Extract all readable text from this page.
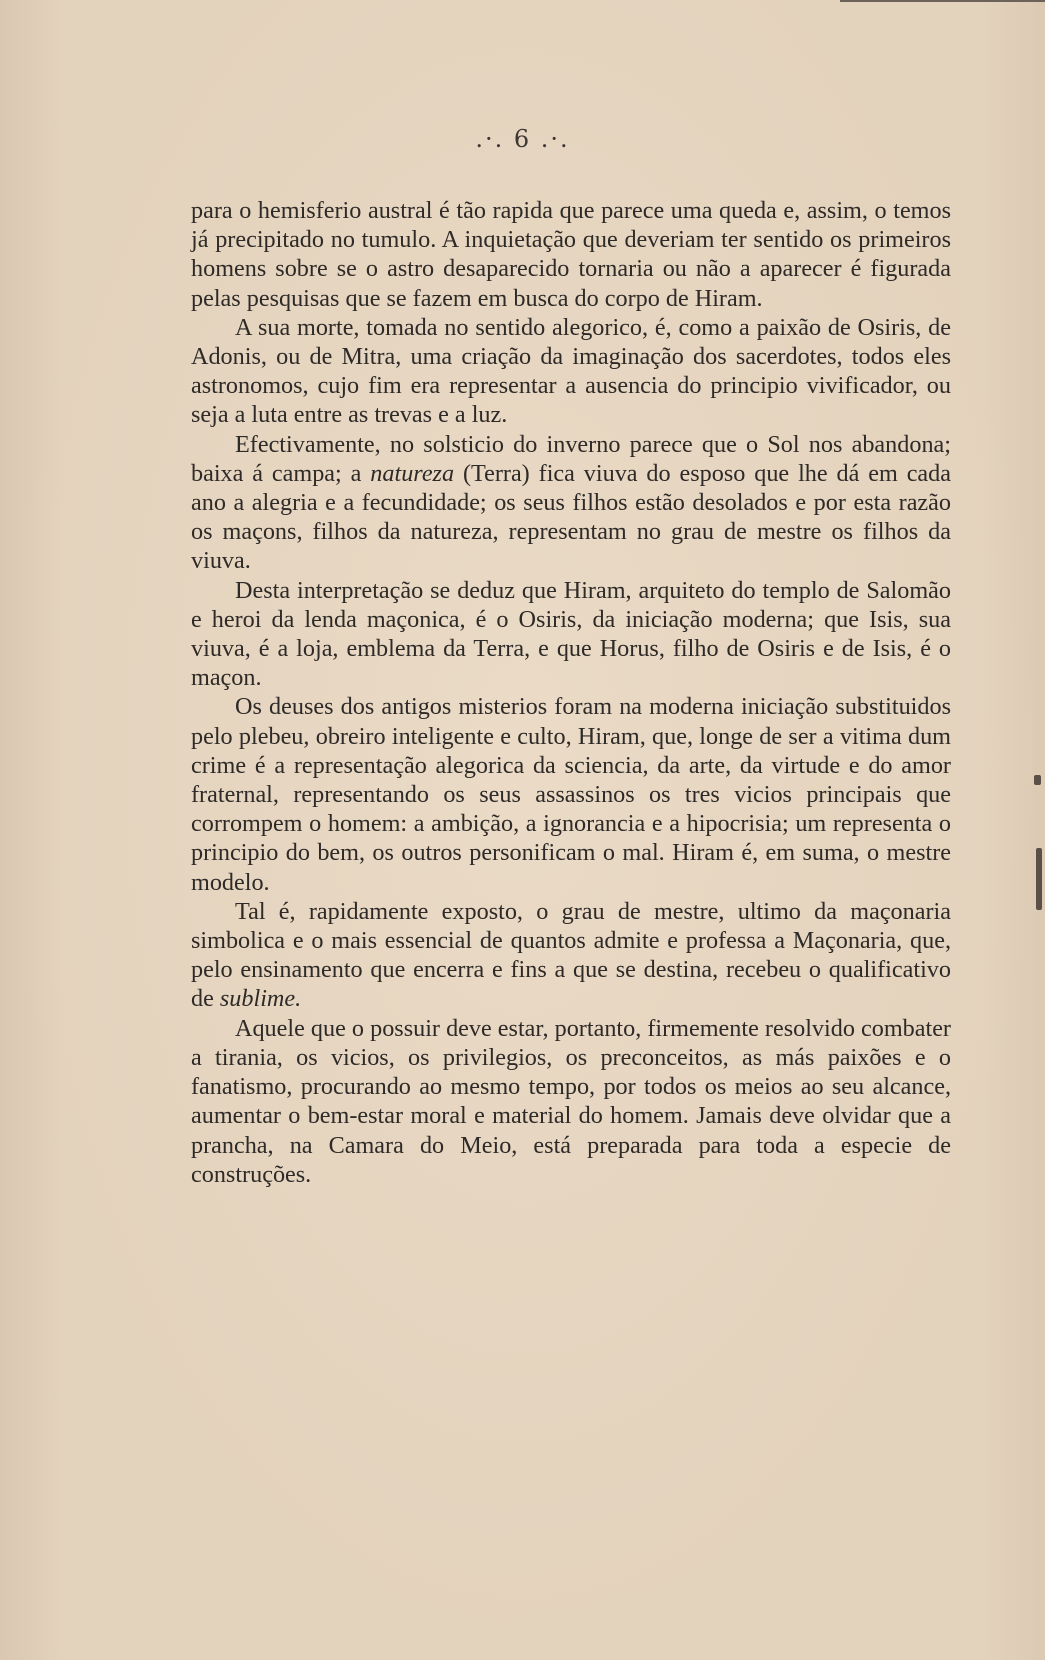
.·. 6 .·.

para o hemisferio austral é tão rapida que parece uma queda e, assim, o temos já precipitado no tumulo. A inquietação que deveriam ter sentido os primeiros homens sobre se o astro desaparecido tornaria ou não a aparecer é figurada pelas pesquisas que se fazem em busca do corpo de Hiram.

A sua morte, tomada no sentido alegorico, é, como a paixão de Osiris, de Adonis, ou de Mitra, uma criação da imaginação dos sacerdotes, todos eles astronomos, cujo fim era representar a ausencia do principio vivificador, ou seja a luta entre as trevas e a luz.

Efectivamente, no solsticio do inverno parece que o Sol nos abandona; baixa á campa; a natureza (Terra) fica viuva do esposo que lhe dá em cada ano a alegria e a fecundidade; os seus filhos estão desolados e por esta razão os maçons, filhos da natureza, representam no grau de mestre os filhos da viuva.

Desta interpretação se deduz que Hiram, arquiteto do templo de Salomão e heroi da lenda maçonica, é o Osiris, da iniciação moderna; que Isis, sua viuva, é a loja, emblema da Terra, e que Horus, filho de Osiris e de Isis, é o maçon.

Os deuses dos antigos misterios foram na moderna iniciação substituidos pelo plebeu, obreiro inteligente e culto, Hiram, que, longe de ser a vitima dum crime é a representação alegorica da sciencia, da arte, da virtude e do amor fraternal, representando os seus assassinos os tres vicios principais que corrompem o homem: a ambição, a ignorancia e a hipocrisia; um representa o principio do bem, os outros personificam o mal. Hiram é, em suma, o mestre modelo.

Tal é, rapidamente exposto, o grau de mestre, ultimo da maçonaria simbolica e o mais essencial de quantos admite e professa a Maçonaria, que, pelo ensinamento que encerra e fins a que se destina, recebeu o qualificativo de sublime.

Aquele que o possuir deve estar, portanto, firmemente resolvido combater a tirania, os vicios, os privilegios, os preconceitos, as más paixões e o fanatismo, procurando ao mesmo tempo, por todos os meios ao seu alcance, aumentar o bem-estar moral e material do homem. Jamais deve olvidar que a prancha, na Camara do Meio, está preparada para toda a especie de construções.
